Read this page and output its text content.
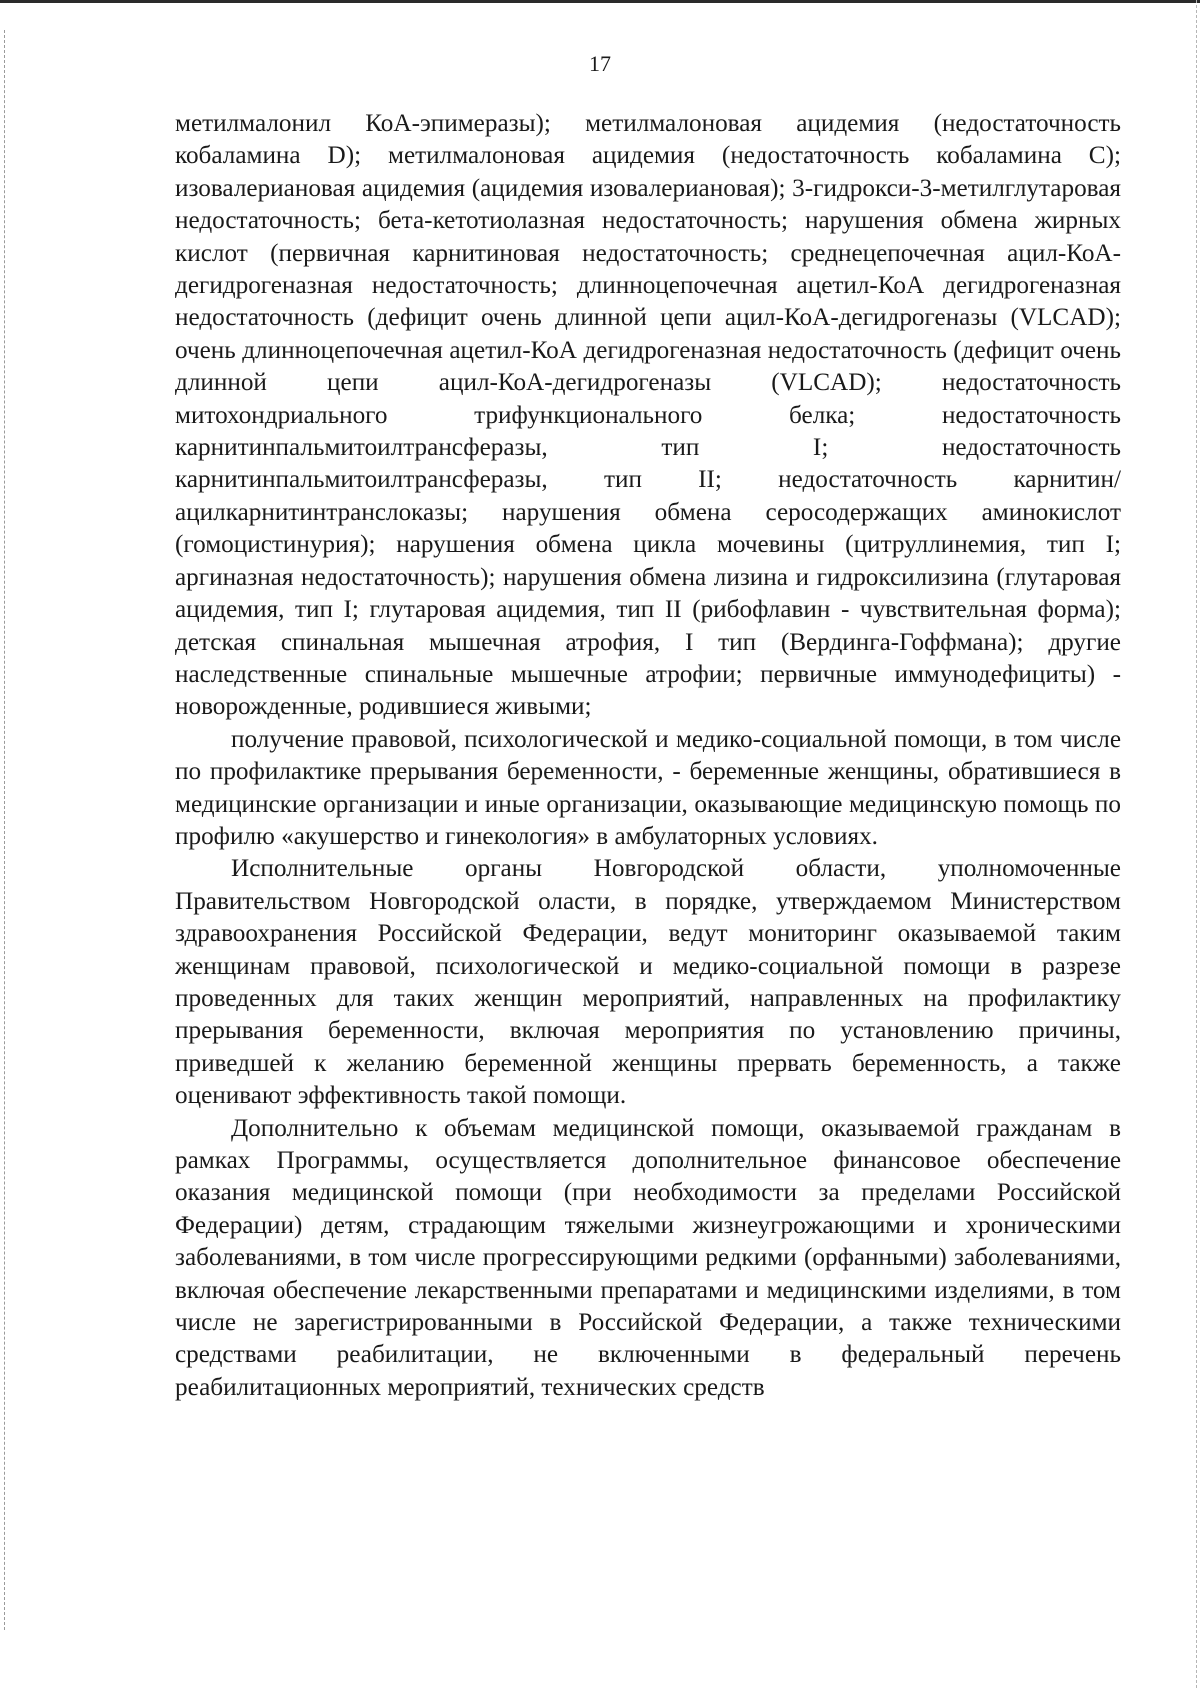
17

метилмалонил КоА-эпимеразы); метилмалоновая ацидемия (недостаточность кобаламина D); метилмалоновая ацидемия (недостаточность кобаламина С); изовалериановая ацидемия (ацидемия изовалериановая); 3-гидрокси-3-метилглутаровая недостаточность; бета-кетотиолазная недостаточность; нарушения обмена жирных кислот (первичная карнитиновая недостаточность; среднецепочечная ацил-КоА-дегидрогеназная недостаточность; длинноцепочечная ацетил-КоА дегидрогеназная недостаточность (дефицит очень длинной цепи ацил-КоА-дегидрогеназы (VLCAD); очень длинноцепочечная ацетил-КоА дегидрогеназная недостаточность (дефицит очень длинной цепи ацил-КоА-дегидрогеназы (VLCAD); недостаточность митохондриального трифункционального белка; недостаточность карнитинпальмитоилтрансферазы, тип I; недостаточность карнитинпальмитоилтрансферазы, тип II; недостаточность карнитин/ацилкарнитинтранслоказы; нарушения обмена серосодержащих аминокислот (гомоцистинурия); нарушения обмена цикла мочевины (цитруллинемия, тип I; аргиназная недостаточность); нарушения обмена лизина и гидроксилизина (глутаровая ацидемия, тип I; глутаровая ацидемия, тип II (рибофлавин - чувствительная форма); детская спинальная мышечная атрофия, I тип (Вердинга-Гоффмана); другие наследственные спинальные мышечные атрофии; первичные иммунодефициты) - новорожденные, родившиеся живыми;

получение правовой, психологической и медико-социальной помощи, в том числе по профилактике прерывания беременности, - беременные женщины, обратившиеся в медицинские организации и иные организации, оказывающие медицинскую помощь по профилю «акушерство и гинекология» в амбулаторных условиях.

Исполнительные органы Новгородской области, уполномоченные Правительством Новгородской оласти, в порядке, утверждаемом Министерством здравоохранения Российской Федерации, ведут мониторинг оказываемой таким женщинам правовой, психологической и медико-социальной помощи в разрезе проведенных для таких женщин мероприятий, направленных на профилактику прерывания беременности, включая мероприятия по установлению причины, приведшей к желанию беременной женщины прервать беременность, а также оценивают эффективность такой помощи.

Дополнительно к объемам медицинской помощи, оказываемой гражданам в рамках Программы, осуществляется дополнительное финансовое обеспечение оказания медицинской помощи (при необходимости за пределами Российской Федерации) детям, страдающим тяжелыми жизнеугрожающими и хроническими заболеваниями, в том числе прогрессирующими редкими (орфанными) заболеваниями, включая обеспечение лекарственными препаратами и медицинскими изделиями, в том числе не зарегистрированными в Российской Федерации, а также техническими средствами реабилитации, не включенными в федеральный перечень реабилитационных мероприятий, технических средств
